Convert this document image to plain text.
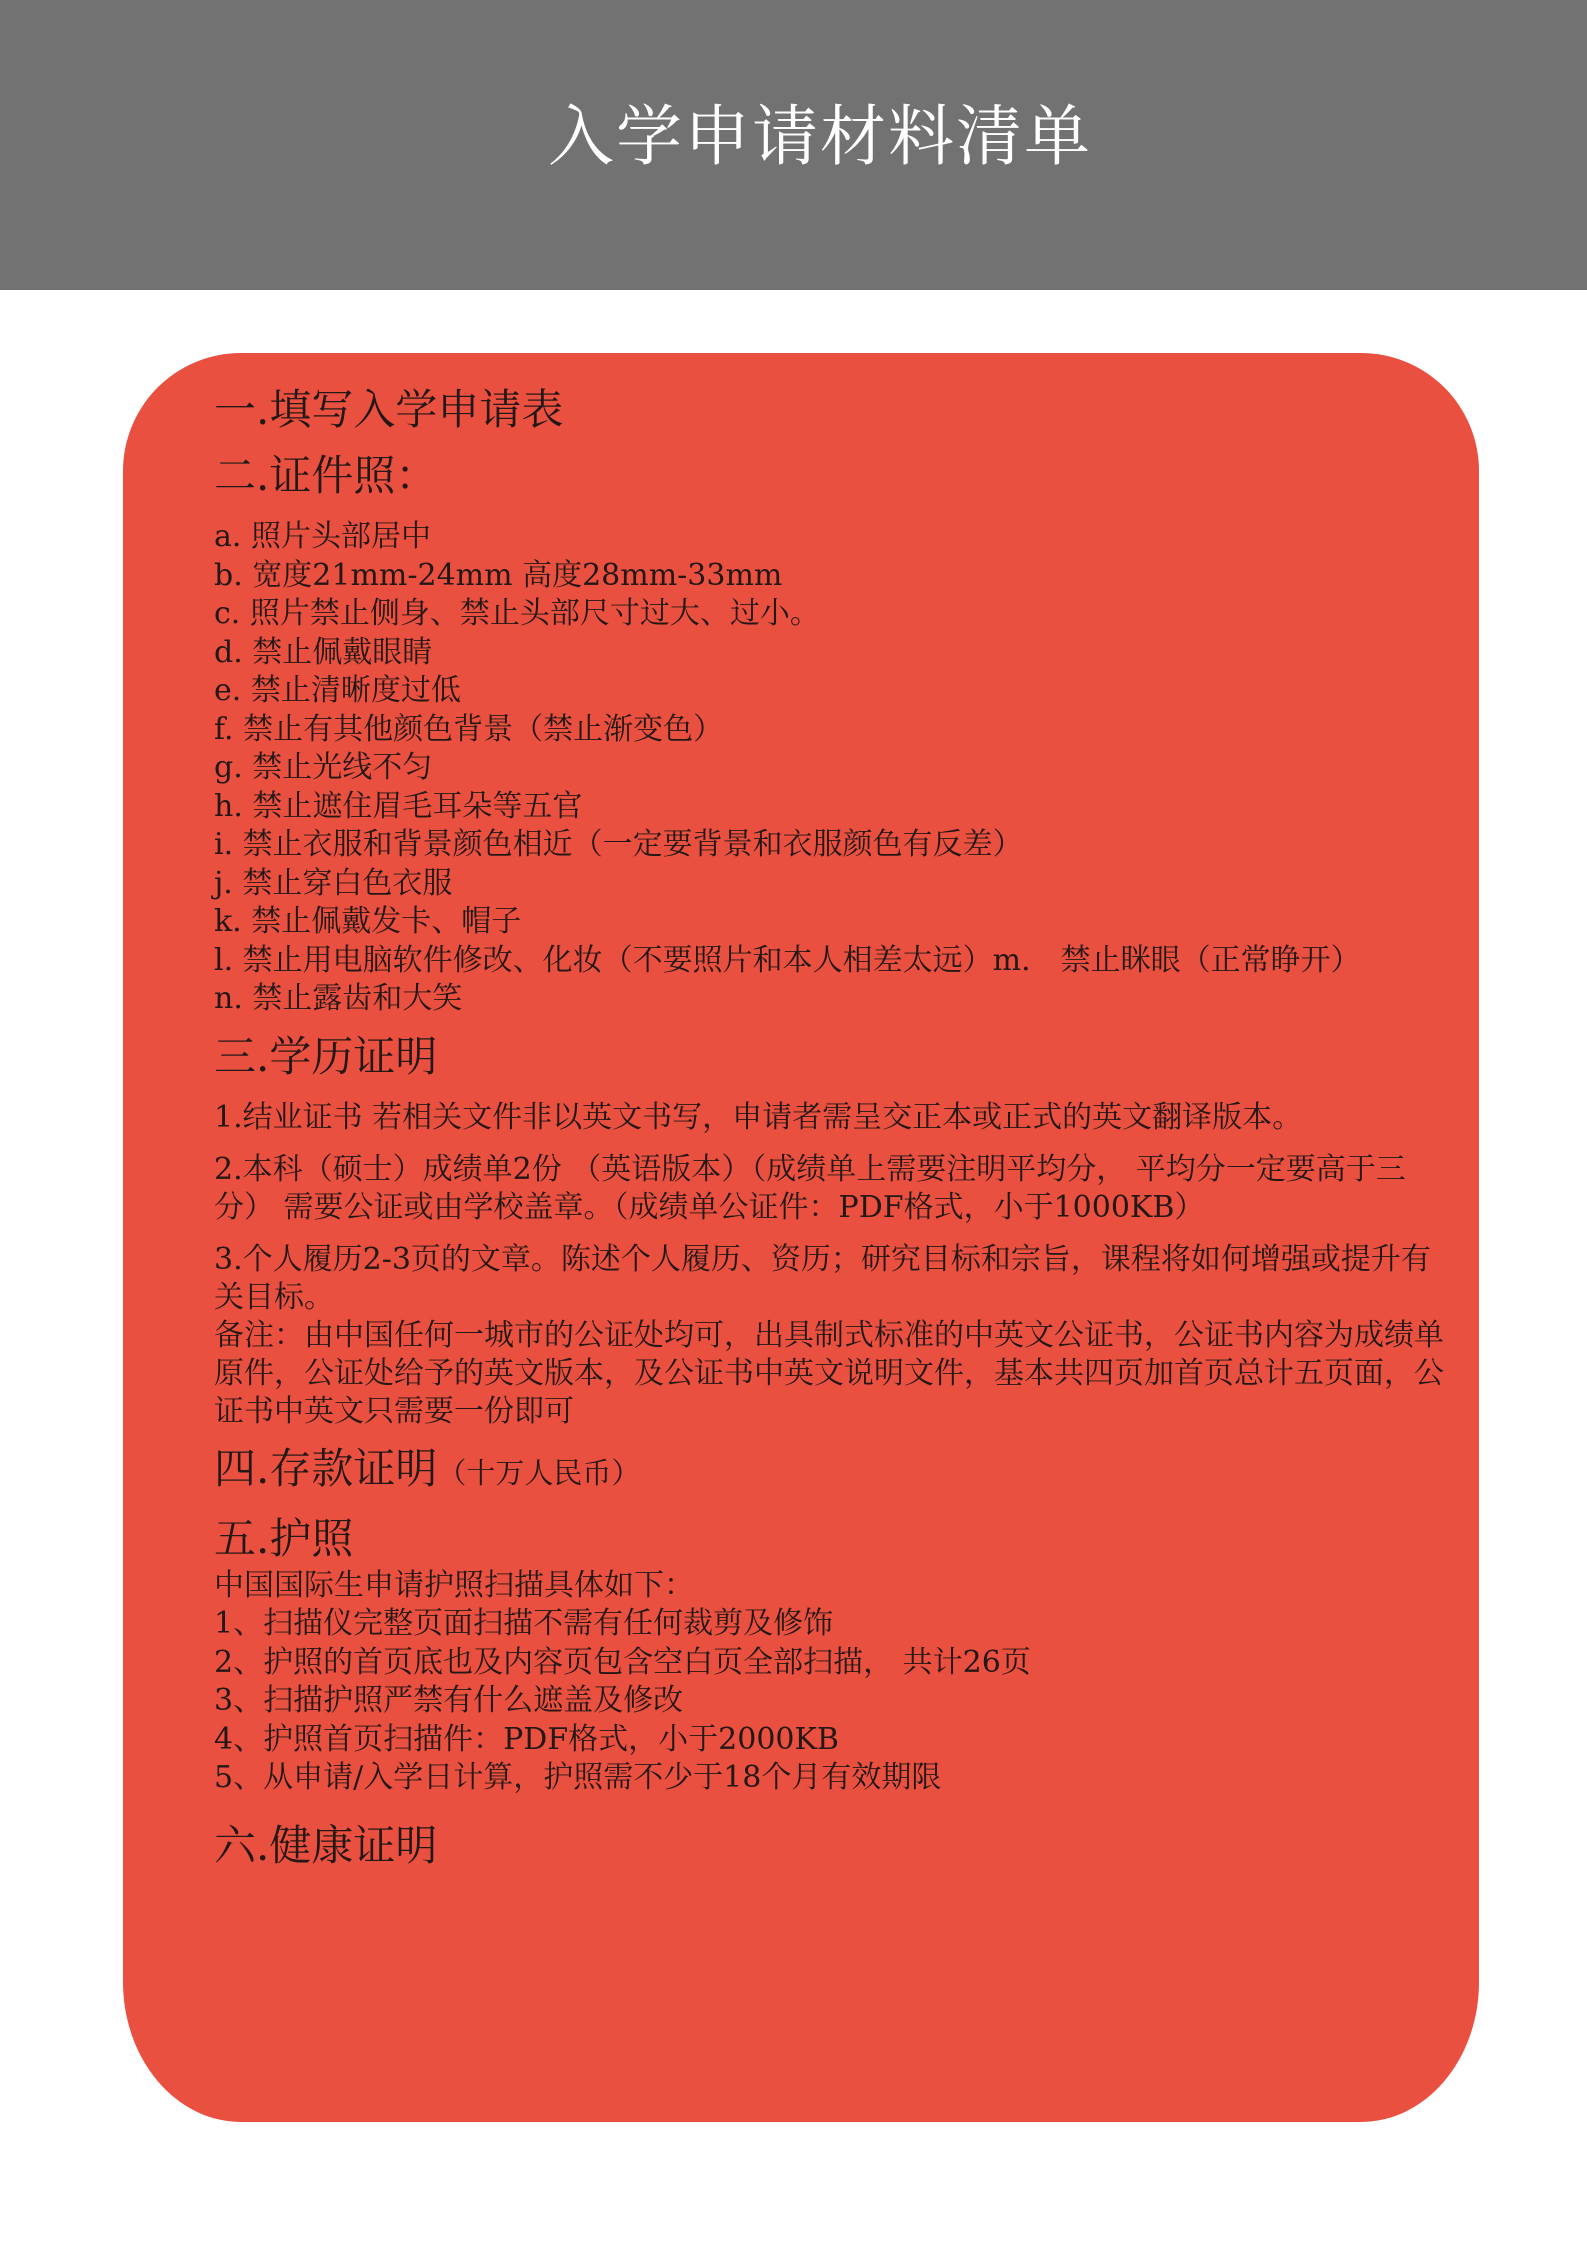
入学申请材料清单
一.填写入学申请表
二.证件照：

a. 照片头部居中

b. 宽度21mm-24mm 高度28mm-33mm

c. 照片禁止侧身、禁止头部尺寸过大、过小。

d. 禁止佩戴眼睛

e. 禁止清晰度过低

f. 禁止有其他颜色背景（禁止渐变色）

g. 禁止光线不匀

h. 禁止遮住眉毛耳朵等五官

i. 禁止衣服和背景颜色相近（一定要背景和衣服颜色有反差）

j. 禁止穿白色衣服

k. 禁止佩戴发卡、帽子

l. 禁止用电脑软件修改、化妆（不要照片和本人相差太远）m.　禁止眯眼（正常睁开）

n. 禁止露齿和大笑

三.学历证明

1.结业证书 若相关文件非以英文书写，申请者需呈交正本或正式的英文翻译版本。

2.本科（硕士）成绩单2份 （英语版本）（成绩单上需要注明平均分， 平均分一定要高于三分） 需要公证或由学校盖章。（成绩单公证件：PDF格式，小于1000KB）

3.个人履历2-3页的文章。陈述个人履历、资历；研究目标和宗旨，课程将如何增强或提升有关目标。

备注：由中国任何一城市的公证处均可，出具制式标准的中英文公证书，公证书内容为成绩单原件，公证处给予的英文版本，及公证书中英文说明文件，基本共四页加首页总计五页面，公证书中英文只需要一份即可

四.存款证明（十万人民币）
五.护照

中国国际生申请护照扫描具体如下：

1、扫描仪完整页面扫描不需有任何裁剪及修饰

2、护照的首页底也及内容页包含空白页全部扫描， 共计26页

3、扫描护照严禁有什么遮盖及修改

4、护照首页扫描件：PDF格式，小于2000KB

5、从申请/入学日计算，护照需不少于18个月有效期限

六.健康证明
